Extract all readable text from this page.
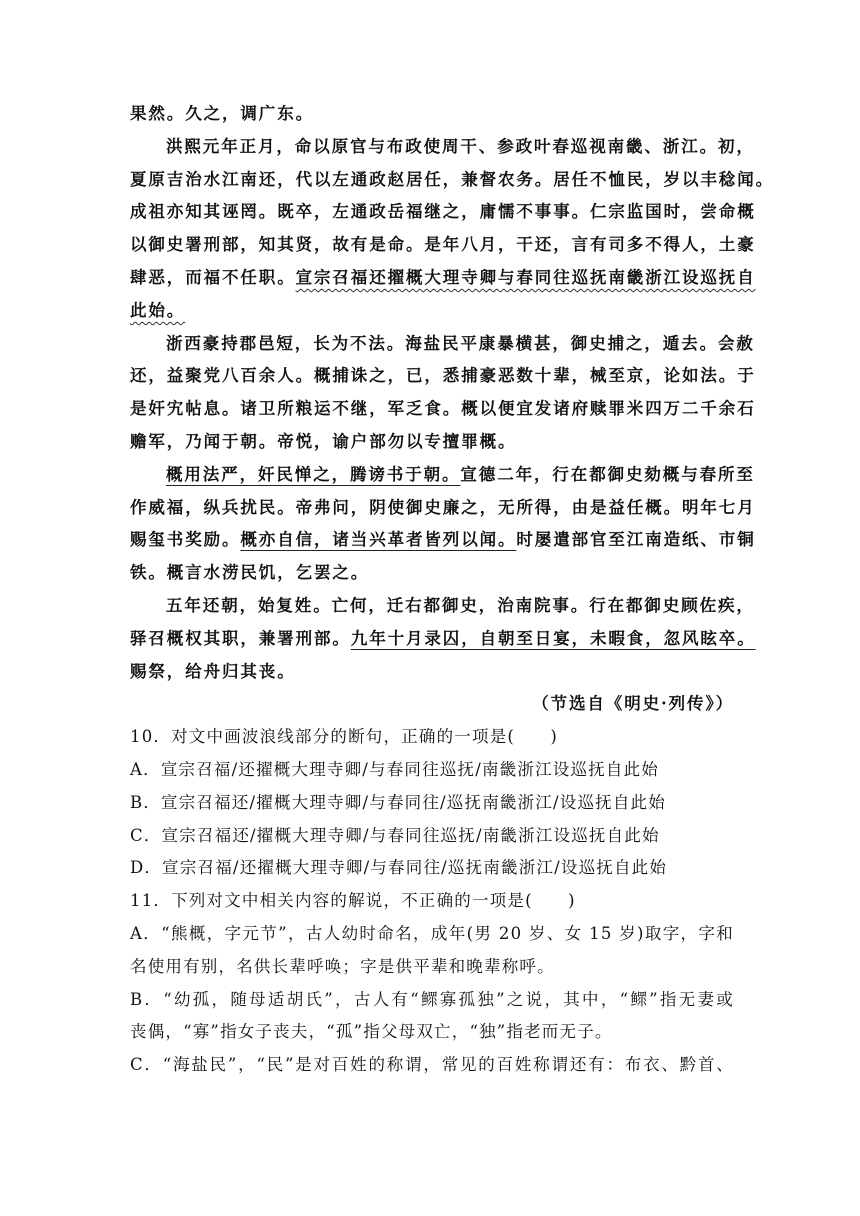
果然。久之，调广东。
洪熙元年正月，命以原官与布政使周干、参政叶春巡视南畿、浙江。初，
夏原吉治水江南还，代以左通政赵居任，兼督农务。居任不恤民，岁以丰稔闻。
成祖亦知其诬罔。既卒，左通政岳福继之，庸懦不事事。仁宗监国时，尝命概
以御史署刑部，知其贤，故有是命。是年八月，干还，言有司多不得人，土豪
肆恶，而福不任职。宣宗召福还擢概大理寺卿与春同往巡抚南畿浙江设巡抚自
此始。
浙西豪持郡邑短，长为不法。海盐民平康暴横甚，御史捕之，遁去。会赦
还，益聚党八百余人。概捕诛之，已，悉捕豪恶数十辈，械至京，论如法。于
是奸宄帖息。诸卫所粮运不继，军乏食。概以便宜发诸府赎罪米四万二千余石
赡军，乃闻于朝。帝悦，谕户部勿以专擅罪概。
概用法严，奸民惮之，腾谤书于朝。宣德二年，行在都御史劾概与春所至
作威福，纵兵扰民。帝弗问，阴使御史廉之，无所得，由是益任概。明年七月
赐玺书奖励。概亦自信，诸当兴革者皆列以闻。时屡遣部官至江南造纸、市铜
铁。概言水涝民饥，乞罢之。
五年还朝，始复姓。亡何，迁右都御史，治南院事。行在都御史顾佐疾，
驿召概权其职，兼署刑部。九年十月录囚，自朝至日宴，未暇食，忽风眩卒。
赐祭，给舟归其丧。
（节选自《明史·列传》）
10．对文中画波浪线部分的断句，正确的一项是(　　)
A．宣宗召福/还擢概大理寺卿/与春同往巡抚/南畿浙江设巡抚自此始
B．宣宗召福还/擢概大理寺卿/与春同往/巡抚南畿浙江/设巡抚自此始
C．宣宗召福还/擢概大理寺卿/与春同往巡抚/南畿浙江设巡抚自此始
D．宣宗召福/还擢概大理寺卿/与春同往/巡抚南畿浙江/设巡抚自此始
11．下列对文中相关内容的解说，不正确的一项是(　　)
A．“熊概，字元节”，古人幼时命名，成年(男 20 岁、女 15 岁)取字，字和
名使用有别，名供长辈呼唤；字是供平辈和晚辈称呼。
B．“幼孤，随母适胡氏”，古人有“鳏寡孤独”之说，其中，“鳏”指无妻或
丧偶，“寡”指女子丧夫，“孤”指父母双亡，“独”指老而无子。
C．“海盐民”，“民”是对百姓的称谓，常见的百姓称谓还有：布衣、黔首、
